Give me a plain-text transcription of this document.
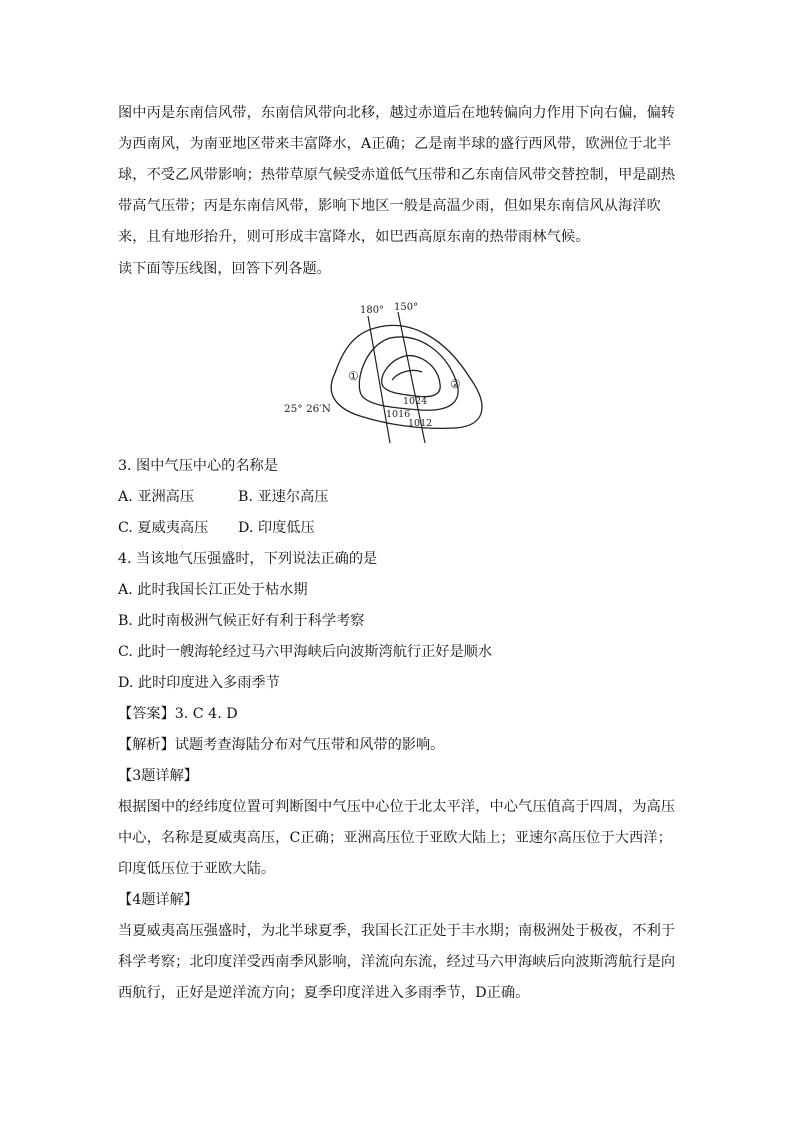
图中丙是东南信风带，东南信风带向北移，越过赤道后在地转偏向力作用下向右偏，偏转为西南风，为南亚地区带来丰富降水，A正确；乙是南半球的盛行西风带，欧洲位于北半球，不受乙风带影响；热带草原气候受赤道低气压带和乙东南信风带交替控制，甲是副热带高气压带；丙是东南信风带，影响下地区一般是高温少雨，但如果东南信风从海洋吹来，且有地形抬升，则可形成丰富降水，如巴西高原东南的热带雨林气候。

读下面等压线图，回答下列各题。

180° 150°
25° 26′N
①
②
1024
1016
1012

3. 图中气压中心的名称是

A. 亚洲高压	B. 亚速尔高压

C. 夏威夷高压 D. 印度低压

4. 当该地气压强盛时，下列说法正确的是

A. 此时我国长江正处于枯水期

B. 此时南极洲气候正好有利于科学考察

C. 此时一艘海轮经过马六甲海峡后向波斯湾航行正好是顺水

D. 此时印度进入多雨季节

【答案】3. C 4. D

【解析】试题考查海陆分布对气压带和风带的影响。

【3题详解】

根据图中的经纬度位置可判断图中气压中心位于北太平洋，中心气压值高于四周，为高压中心，名称是夏威夷高压，C正确；亚洲高压位于亚欧大陆上；亚速尔高压位于大西洋；印度低压位于亚欧大陆。

【4题详解】

当夏威夷高压强盛时，为北半球夏季，我国长江正处于丰水期；南极洲处于极夜，不利于科学考察；北印度洋受西南季风影响，洋流向东流，经过马六甲海峡后向波斯湾航行是向西航行，正好是逆洋流方向；夏季印度洋进入多雨季节，D正确。
